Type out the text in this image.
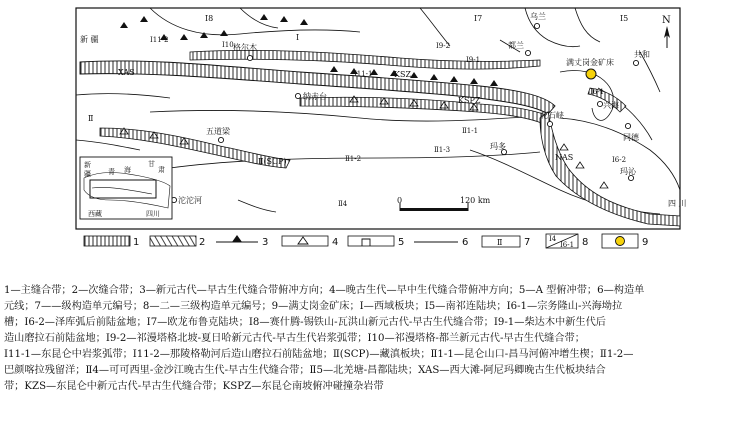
乌兰
都兰
共和
兴海
花石峡
同德
玛多
玛沁
格尔木
纳赤台
五道梁
沱沱河
满丈岗金矿床
新 疆
四 川
Ⅰ
Ⅰ8	Ⅰ7	Ⅰ5
Ⅰ11-2
Ⅰ10	Ⅰ9-2
Ⅰ11-1
Ⅰ9-1
Ⅰ6-1
Ⅰ6-2
Ⅱ
Ⅱ4
Ⅱ(SCP)	Ⅱ1-2
Ⅱ1-1
Ⅱ1-3
XAS	KSZ
KSPZ
NAS
N
0	120 km
新
疆 青 海
甘
肃
西藏	四川
1	2	3	4	5	6	Ⅱ 7	Ⅰ4
Ⅰ6-1 8	9
1—主缝合带；2—次缝合带；3—新元古代—早古生代缝合带俯冲方向；4—晚古生代—早中生代缝合带俯冲方向；5—A 型俯冲带；6—构造单
元线；7——级构造单元编号；8—二—三级构造单元编号；9—满丈岗金矿床；Ⅰ—西域板块；Ⅰ5—南祁连陆块；Ⅰ6-1—宗务隆山-兴海坳拉
槽；Ⅰ6-2—泽库弧后前陆盆地；Ⅰ7—欧龙布鲁克陆块；Ⅰ8—赛什腾-锡铁山-瓦洪山新元古代-早古生代缝合带；Ⅰ9-1—柴达木中新生代后
造山磨拉石前陆盆地；Ⅰ9-2—祁漫塔格北坡-夏日哈新元古代-早古生代岩浆弧带；Ⅰ10—祁漫塔格-都兰新元古代-早古生代缝合带；
Ⅰ11-1—东昆仑中岩浆弧带；Ⅰ11-2—那陵格勒河后造山磨拉石前陆盆地；Ⅱ(SCP)—藏滇板块；Ⅱ1-1—昆仑山口-昌马河俯冲增生楔；Ⅱ1-2—
巴颜喀拉残留洋；Ⅱ4—可可西里-金沙江晚古生代-早古生代缝合带；Ⅱ5—北羌塘-昌都陆块；XAS—西大滩-阿尼玛卿晚古生代板块结合
带；KZS—东昆仑中新元古代-早古生代缝合带；KSPZ—东昆仑南坡俯冲碰撞杂岩带
